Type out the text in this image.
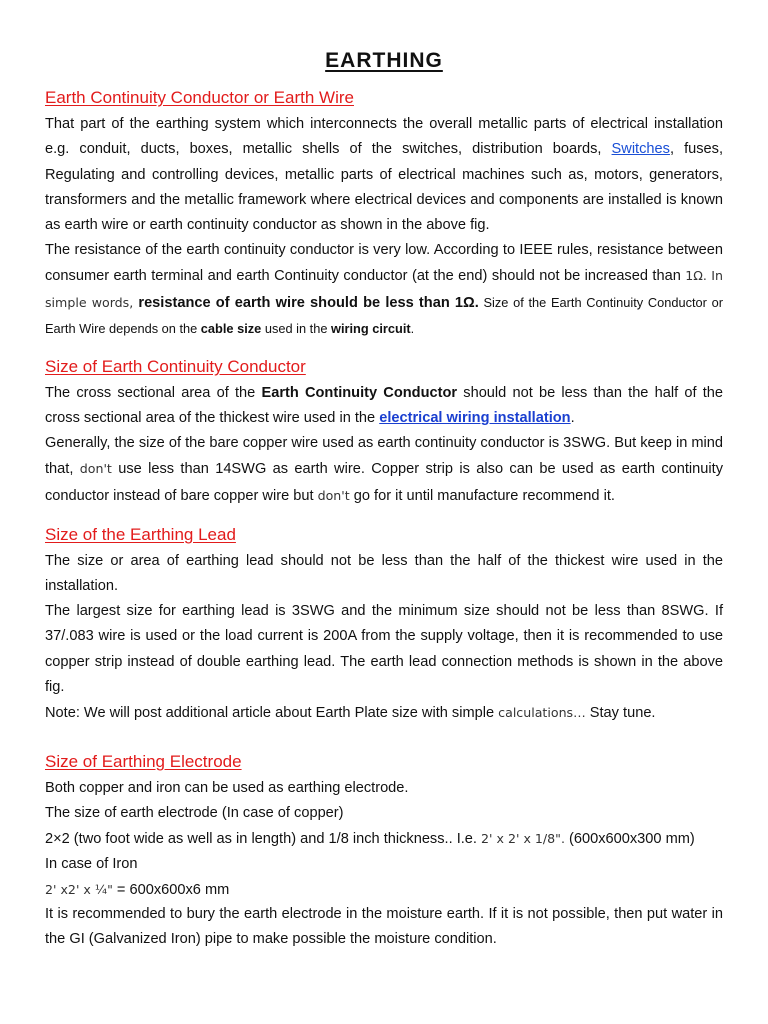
EARTHING
Earth Continuity Conductor or Earth Wire

That part of the earthing system which interconnects the overall metallic parts of electrical installation e.g. conduit, ducts, boxes, metallic shells of the switches, distribution boards, Switches, fuses, Regulating and controlling devices, metallic parts of electrical machines such as, motors, generators, transformers and the metallic framework where electrical devices and components are installed is known as earth wire or earth continuity conductor as shown in the above fig.

The resistance of the earth continuity conductor is very low. According to IEEE rules, resistance between consumer earth terminal and earth Continuity conductor (at the end) should not be increased than 1Ω. In simple words, resistance of earth wire should be less than 1Ω. Size of the Earth Continuity Conductor or Earth Wire depends on the cable size used in the wiring circuit.

Size of Earth Continuity Conductor

The cross sectional area of the Earth Continuity Conductor should not be less than the half of the cross sectional area of the thickest wire used in the electrical wiring installation.

Generally, the size of the bare copper wire used as earth continuity conductor is 3SWG. But keep in mind that, don't use less than 14SWG as earth wire. Copper strip is also can be used as earth continuity conductor instead of bare copper wire but don't go for it until manufacture recommend it.

Size of the Earthing Lead

The size or area of earthing lead should not be less than the half of the thickest wire used in the installation.

The largest size for earthing lead is 3SWG and the minimum size should not be less than 8SWG. If 37/.083 wire is used or the load current is 200A from the supply voltage, then it is recommended to use copper strip instead of double earthing lead. The earth lead connection methods is shown in the above fig.

Note: We will post additional article about Earth Plate size with simple calculations… Stay tune.

Size of Earthing Electrode

Both copper and iron can be used as earthing electrode.

The size of earth electrode (In case of copper)

2×2 (two foot wide as well as in length) and 1/8 inch thickness.. I.e. 2' x 2' x 1/8". (600x600x300 mm)

In case of Iron

2' x2' x ¼" = 600x600x6 mm

It is recommended to bury the earth electrode in the moisture earth. If it is not possible, then put water in the GI (Galvanized Iron) pipe to make possible the moisture condition.
